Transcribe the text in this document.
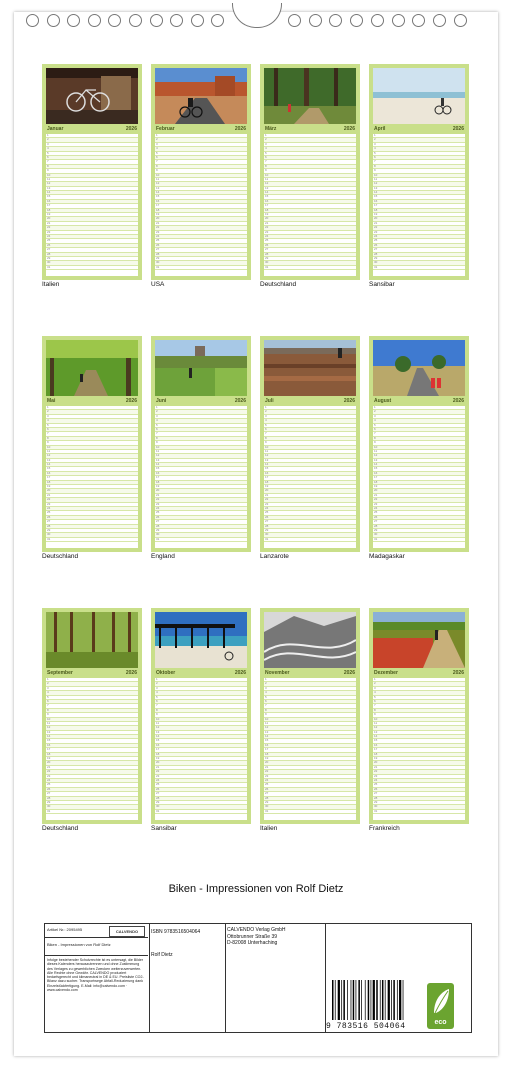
Januar	2026
1
2
3
4
5
6
7
8
9
10
11
12
13
14
15
16
17
18
19
20
21
22
23
24
25
26
27
28
29
30
31
Italien
Februar	2026
1
2
3
4
5
6
7
8
9
10
11
12
13
14
15
16
17
18
19
20
21
22
23
24
25
26
27
28
29
30
31
USA
März	2026
1
2
3
4
5
6
7
8
9
10
11
12
13
14
15
16
17
18
19
20
21
22
23
24
25
26
27
28
29
30
31
Deutschland
April	2026
1
2
3
4
5
6
7
8
9
10
11
12
13
14
15
16
17
18
19
20
21
22
23
24
25
26
27
28
29
30
31
Sansibar
Mai	2026
1
2
3
4
5
6
7
8
9
10
11
12
13
14
15
16
17
18
19
20
21
22
23
24
25
26
27
28
29
30
31
Deutschland
Juni	2026
1
2
3
4
5
6
7
8
9
10
11
12
13
14
15
16
17
18
19
20
21
22
23
24
25
26
27
28
29
30
31
England
Juli	2026
1
2
3
4
5
6
7
8
9
10
11
12
13
14
15
16
17
18
19
20
21
22
23
24
25
26
27
28
29
30
31
Lanzarote
August	2026
1
2
3
4
5
6
7
8
9
10
11
12
13
14
15
16
17
18
19
20
21
22
23
24
25
26
27
28
29
30
31
Madagaskar
September	2026
1
2
3
4
5
6
7
8
9
10
11
12
13
14
15
16
17
18
19
20
21
22
23
24
25
26
27
28
29
30
31
Deutschland
Oktober	2026
1
2
3
4
5
6
7
8
9
10
11
12
13
14
15
16
17
18
19
20
21
22
23
24
25
26
27
28
29
30
31
Sansibar
November	2026
1
2
3
4
5
6
7
8
9
10
11
12
13
14
15
16
17
18
19
20
21
22
23
24
25
26
27
28
29
30
31
Italien
Dezember	2026
1
2
3
4
5
6
7
8
9
10
11
12
13
14
15
16
17
18
19
20
21
22
23
24
25
26
27
28
29
30
31
Frankreich
Biken - Impressionen von Rolf Dietz
Artikel Nr.: 2095495	CALVENDO
Biken - Impressionen von Rolf Dietz
Infolge bestehender Schutzrechte ist es untersagt, die Bilder dieses Kalenders herauszutrennen und ohne Zustimmung des Verlages zu gewerblichen Zwecken weiterzuverwerten. Alle Rechte ohne Gewähr. CALVENDO produziert bedarfsgerecht und klimaneutral in DE & EU. Preisliste CO2-Bilanz dazu sucher. Transportwege Abfall-Reduzierung dank Einzelstückfertigung. E-Mail: info@calvendo.com · www.calvendo.com
ISBN 9783516504064
Rolf Dietz
CALVENDO Verlag GmbH
Ottobrunner Straße 39
D-82008 Unterhaching
9 783516 504064	eco
